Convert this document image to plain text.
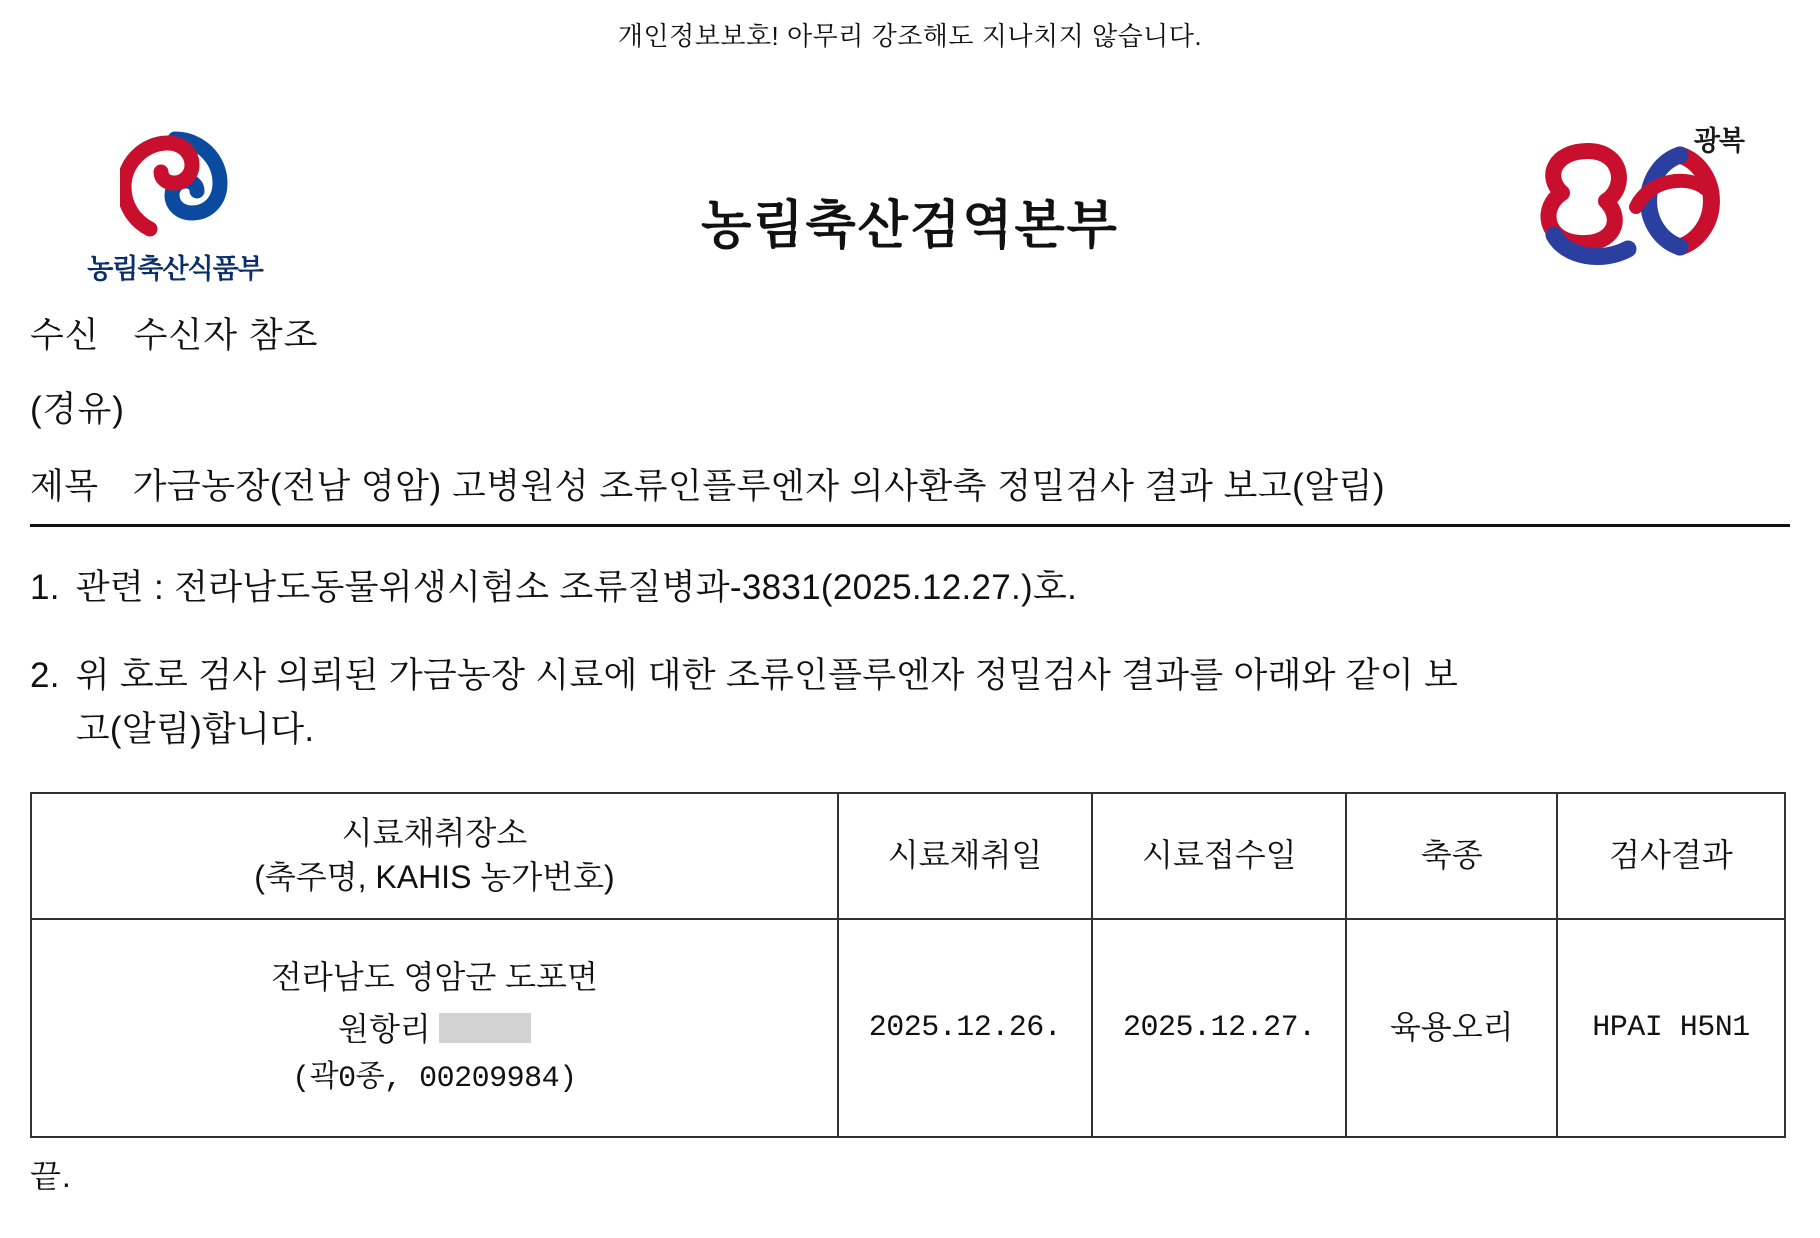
개인정보보호! 아무리 강조해도 지나치지 않습니다.
농림축산식품부
농림축산검역본부
광복
수신 수신자 참조
(경유)
제목 가금농장(전남 영암) 고병원성 조류인플루엔자 의사환축 정밀검사 결과 보고(알림)
1. 관련 : 전라남도동물위생시험소 조류질병과-3831(2025.12.27.)호.
2. 위 호로 검사 의뢰된 가금농장 시료에 대한 조류인플루엔자 정밀검사 결과를 아래와 같이 보
고(알림)합니다.
시료채취장소
(축주명, KAHIS 농가번호)	시료채취일	시료접수일	축종	검사결과

전라남도 영암군 도포면
원항리
(곽0종, 00209984)	2025.12.26.	2025.12.27.	육용오리	HPAI H5N1
끝.
